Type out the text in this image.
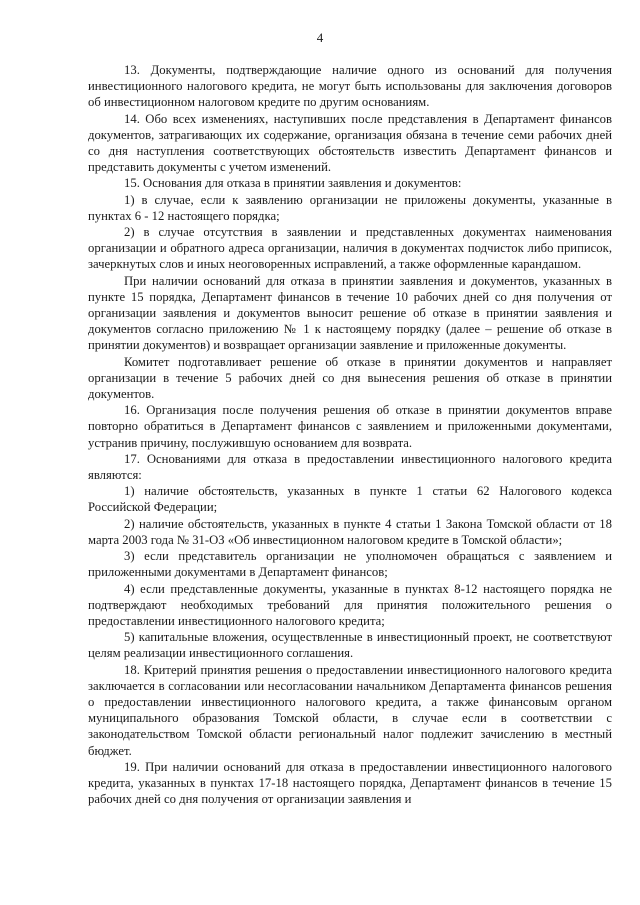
4

13. Документы, подтверждающие наличие одного из оснований для получения инвестиционного налогового кредита, не могут быть использованы для заключения договоров об инвестиционном налоговом кредите по другим основаниям.

14. Обо всех изменениях, наступивших после представления в Департамент финансов документов, затрагивающих их содержание, организация обязана в течение семи рабочих дней со дня наступления соответствующих обстоятельств известить Департамент финансов и представить документы с учетом изменений.

15. Основания для отказа в принятии заявления и документов:

1) в случае, если к заявлению организации не приложены документы, указанные в пунктах 6 - 12 настоящего порядка;

2) в случае отсутствия в заявлении и представленных документах наименования организации и обратного адреса организации, наличия в документах подчисток либо приписок, зачеркнутых слов и иных неоговоренных исправлений, а также оформленные карандашом.

При наличии оснований для отказа в принятии заявления и документов, указанных в пункте 15 порядка, Департамент финансов в течение 10 рабочих дней со дня получения от организации заявления и документов выносит решение об отказе в принятии заявления и документов согласно приложению № 1 к настоящему порядку (далее – решение об отказе в принятии документов) и возвращает организации заявление и приложенные документы.

Комитет подготавливает решение об отказе в принятии документов и направляет организации в течение 5 рабочих дней со дня вынесения решения об отказе в принятии документов.

16. Организация после получения решения об отказе в принятии документов вправе повторно обратиться в Департамент финансов с заявлением и приложенными документами, устранив причину, послужившую основанием для возврата.

17. Основаниями для отказа в предоставлении инвестиционного налогового кредита являются:

1) наличие обстоятельств, указанных в пункте 1 статьи 62 Налогового кодекса Российской Федерации;

2) наличие обстоятельств, указанных в пункте 4 статьи 1 Закона Томской области от 18 марта 2003 года № 31-ОЗ «Об инвестиционном налоговом кредите в Томской области»;

3) если представитель организации не уполномочен обращаться с заявлением и приложенными документами в Департамент финансов;

4) если представленные документы, указанные в пунктах 8-12 настоящего порядка не подтверждают необходимых требований для принятия положительного решения о предоставлении инвестиционного налогового кредита;

5) капитальные вложения, осуществленные в инвестиционный проект, не соответствуют целям реализации инвестиционного соглашения.

18. Критерий принятия решения о предоставлении инвестиционного налогового кредита заключается в согласовании или несогласовании начальником Департамента финансов решения о предоставлении инвестиционного налогового кредита, а также финансовым органом муниципального образования Томской области, в случае если в соответствии с законодательством Томской области региональный налог подлежит зачислению в местный бюджет.

19. При наличии оснований для отказа в предоставлении инвестиционного налогового кредита, указанных в пунктах 17-18 настоящего порядка, Департамент финансов в течение 15 рабочих дней со дня получения от организации заявления и
